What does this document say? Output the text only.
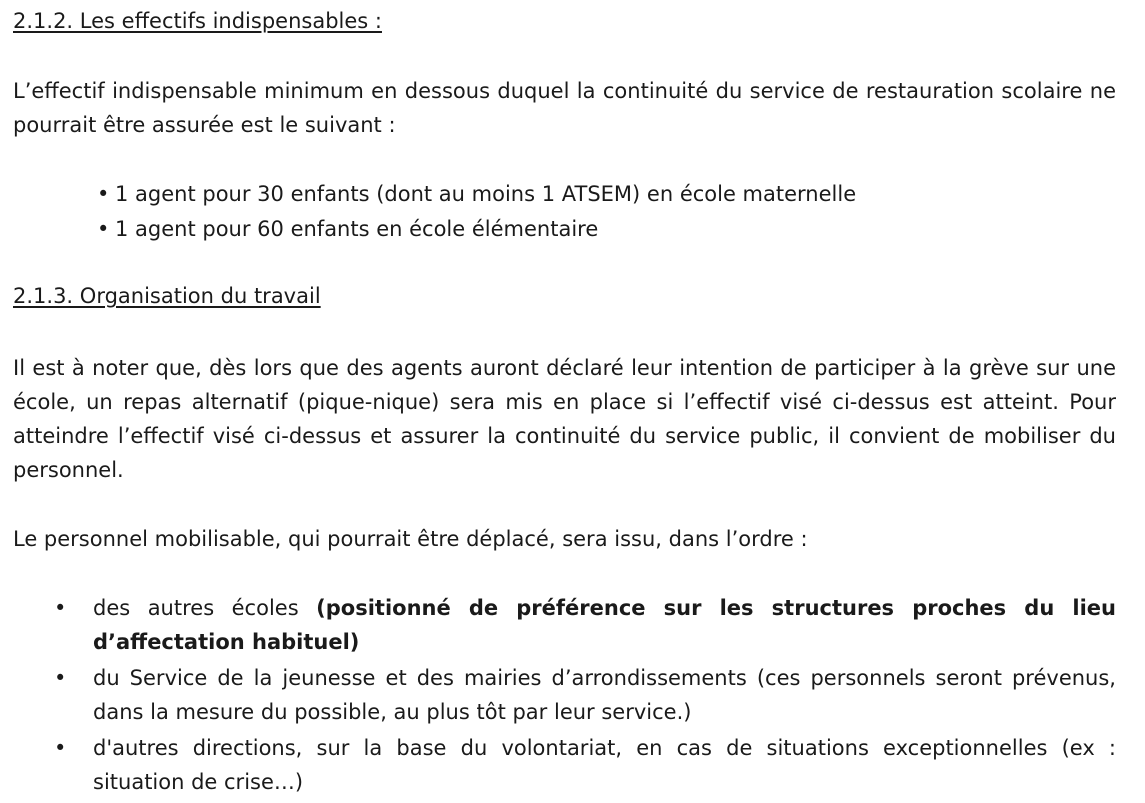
2.1.2. Les effectifs indispensables :
L’effectif indispensable minimum en dessous duquel la continuité du service de restauration scolaire ne pourrait être assurée est le suivant :
• 1 agent pour 30 enfants (dont au moins 1 ATSEM) en école maternelle
• 1 agent pour 60 enfants en école élémentaire
2.1.3. Organisation du travail
Il est à noter que, dès lors que des agents auront déclaré leur intention de participer à la grève sur une école, un repas alternatif (pique-nique) sera mis en place si l’effectif visé ci-dessus est atteint. Pour atteindre l’effectif visé ci-dessus et assurer la continuité du service public, il convient de mobiliser du personnel.
Le personnel mobilisable, qui pourrait être déplacé, sera issu, dans l’ordre :
• des autres écoles (positionné de préférence sur les structures proches du lieu d’affectation habituel)
• du Service de la jeunesse et des mairies d’arrondissements (ces personnels seront prévenus, dans la mesure du possible, au plus tôt par leur service.)
• d'autres directions, sur la base du volontariat, en cas de situations exceptionnelles (ex : situation de crise…)
